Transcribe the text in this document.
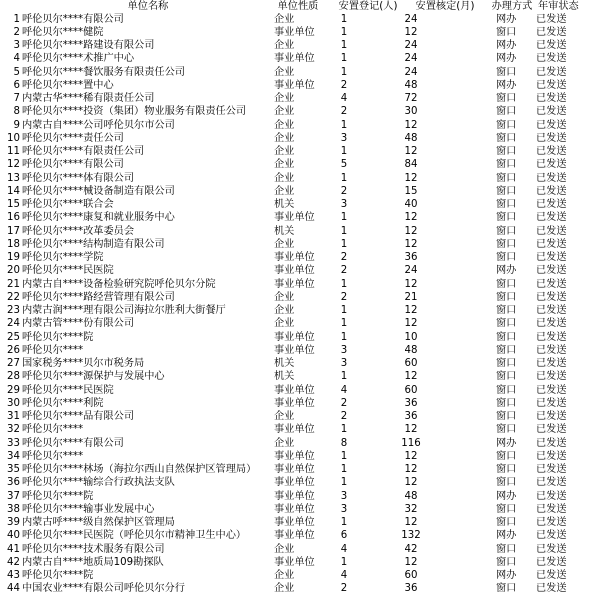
单位名称	单位性质	安置登记(人)	安置核定(月)	办理方式 年审状态
1 呼伦贝尔****有限公司	企业	1	24	网办	已发送
2 呼伦贝尔****健院	事业单位	1	12	窗口	已发送
3 呼伦贝尔****路建设有限公司	企业	1	24	网办	已发送
4 呼伦贝尔****术推广中心	事业单位	1	24	网办	已发送
5 呼伦贝尔****餐饮服务有限责任公司	企业	1	24	窗口	已发送
6 呼伦贝尔****置中心	事业单位	2	48	网办	已发送
7 内蒙古华****稀有限责任公司	企业	4	72	窗口	已发送
8 呼伦贝尔****投资（集团）物业服务有限责任公司	企业	2	30	窗口	已发送
9 内蒙古自****公司呼伦贝尔市公司	企业	1	12	窗口	已发送
10 呼伦贝尔****责任公司	企业	3	48	窗口	已发送
11 呼伦贝尔****有限责任公司	企业	1	12	窗口	已发送
12 呼伦贝尔****有限公司	企业	5	84	窗口	已发送
13 呼伦贝尔****体有限公司	企业	1	12	窗口	已发送
14 呼伦贝尔****械设备制造有限公司	企业	2	15	窗口	已发送
15 呼伦贝尔****联合会	机关	3	40	窗口	已发送
16 呼伦贝尔****康复和就业服务中心	事业单位	1	12	窗口	已发送
17 呼伦贝尔****改革委员会	机关	1	12	窗口	已发送
18 呼伦贝尔****结构制造有限公司	企业	1	12	窗口	已发送
19 呼伦贝尔****学院	事业单位	2	36	窗口	已发送
20 呼伦贝尔****民医院	事业单位	2	24	网办	已发送
21 内蒙古自****设备检验研究院呼伦贝尔分院	事业单位	1	12	窗口	已发送
22 呼伦贝尔****路经营管理有限公司	企业	2	21	窗口	已发送
23 内蒙古润****理有限公司海拉尔胜利大街餐厅	企业	1	12	窗口	已发送
24 内蒙古管****份有限公司	企业	1	12	窗口	已发送
25 呼伦贝尔****院	事业单位	1	10	窗口	已发送
26 呼伦贝尔****	事业单位	3	48	窗口	已发送
27 国家税务****贝尔市税务局	机关	3	60	窗口	已发送
28 呼伦贝尔****源保护与发展中心	机关	1	12	窗口	已发送
29 呼伦贝尔****民医院	事业单位	4	60	窗口	已发送
30 呼伦贝尔****利院	事业单位	2	36	窗口	已发送
31 呼伦贝尔****品有限公司	企业	2	36	窗口	已发送
32 呼伦贝尔****	事业单位	1	12	窗口	已发送
33 呼伦贝尔****有限公司	企业	8	116	网办	已发送
34 呼伦贝尔****	事业单位	1	12	窗口	已发送
35 呼伦贝尔****林场（海拉尔西山自然保护区管理局）	事业单位	1	12	窗口	已发送
36 呼伦贝尔****输综合行政执法支队	事业单位	1	12	窗口	已发送
37 呼伦贝尔****院	事业单位	3	48	网办	已发送
38 呼伦贝尔****输事业发展中心	事业单位	3	32	窗口	已发送
39 内蒙古呼****级自然保护区管理局	事业单位	1	12	窗口	已发送
40 呼伦贝尔****民医院（呼伦贝尔市精神卫生中心）	事业单位	6	132	网办	已发送
41 呼伦贝尔****技术服务有限公司	企业	4	42	窗口	已发送
42 内蒙古自****地质局109勘探队	事业单位	1	12	窗口	已发送
43 呼伦贝尔****院	企业	4	60	网办	已发送
44 中国农业****有限公司呼伦贝尔分行	企业	2	36	窗口	已发送
